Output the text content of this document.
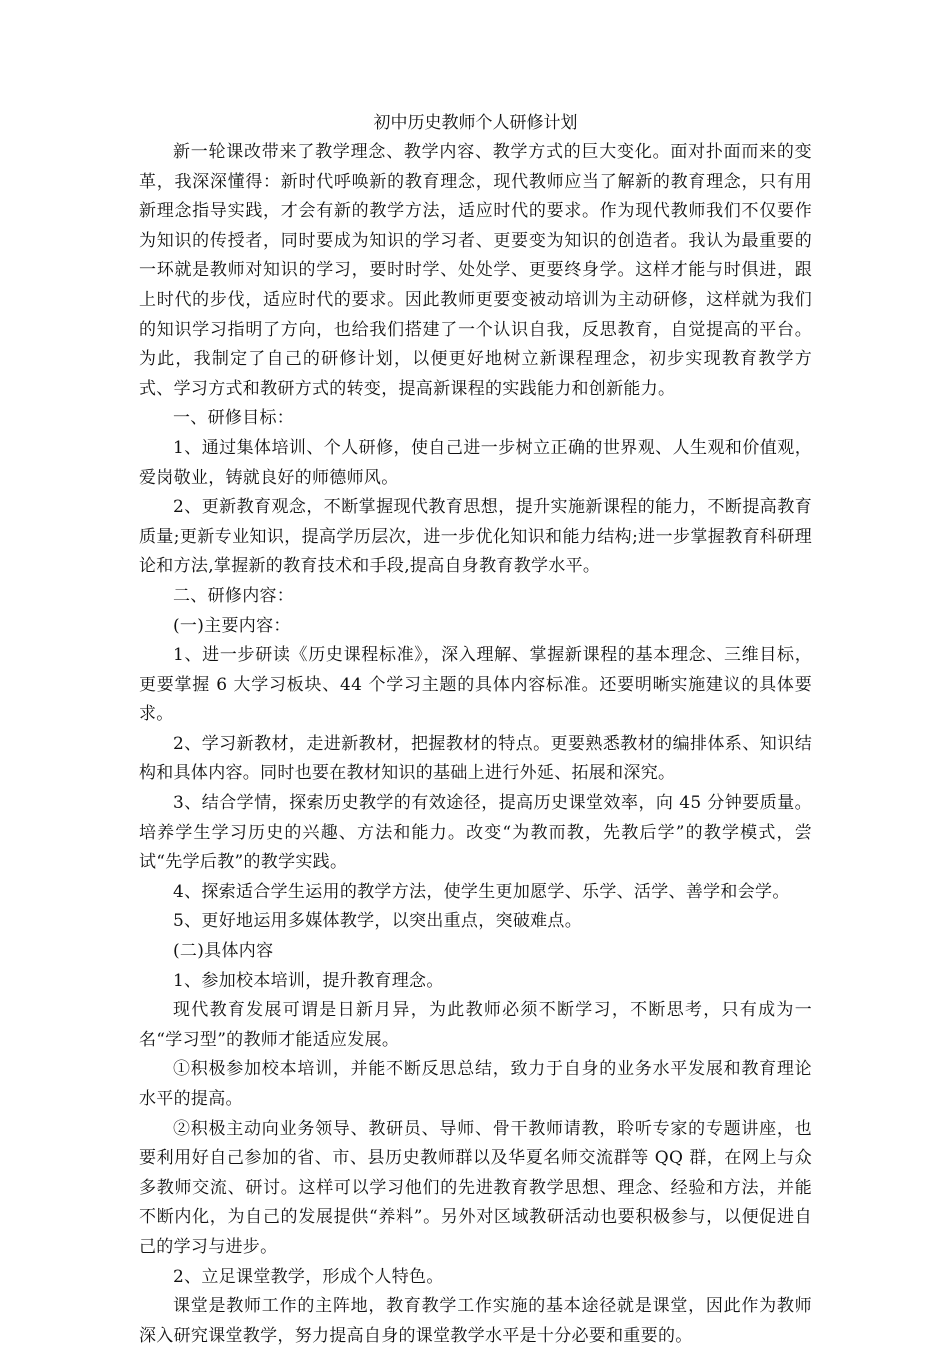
初中历史教师个人研修计划

新一轮课改带来了教学理念、教学内容、教学方式的巨大变化。面对扑面而来的变革，我深深懂得：新时代呼唤新的教育理念，现代教师应当了解新的教育理念，只有用新理念指导实践，才会有新的教学方法，适应时代的要求。作为现代教师我们不仅要作为知识的传授者，同时要成为知识的学习者、更要变为知识的创造者。我认为最重要的一环就是教师对知识的学习，要时时学、处处学、更要终身学。这样才能与时俱进，跟上时代的步伐，适应时代的要求。因此教师更要变被动培训为主动研修，这样就为我们的知识学习指明了方向，也给我们搭建了一个认识自我，反思教育，自觉提高的平台。为此，我制定了自己的研修计划，以便更好地树立新课程理念，初步实现教育教学方式、学习方式和教研方式的转变，提高新课程的实践能力和创新能力。

一、研修目标：

1、通过集体培训、个人研修，使自己进一步树立正确的世界观、人生观和价值观，爱岗敬业，铸就良好的师德师风。

2、更新教育观念，不断掌握现代教育思想，提升实施新课程的能力，不断提高教育质量;更新专业知识，提高学历层次，进一步优化知识和能力结构;进一步掌握教育科研理论和方法,掌握新的教育技术和手段,提高自身教育教学水平。

二、研修内容：

(一)主要内容：

1、进一步研读《历史课程标准》，深入理解、掌握新课程的基本理念、三维目标，更要掌握 6 大学习板块、44 个学习主题的具体内容标准。还要明晰实施建议的具体要求。

2、学习新教材，走进新教材，把握教材的特点。更要熟悉教材的编排体系、知识结构和具体内容。同时也要在教材知识的基础上进行外延、拓展和深究。

3、结合学情，探索历史教学的有效途径，提高历史课堂效率，向 45 分钟要质量。培养学生学习历史的兴趣、方法和能力。改变“为教而教，先教后学”的教学模式，尝试“先学后教”的教学实践。

4、探索适合学生运用的教学方法，使学生更加愿学、乐学、活学、善学和会学。

5、更好地运用多媒体教学，以突出重点，突破难点。

(二)具体内容

1、参加校本培训，提升教育理念。

现代教育发展可谓是日新月异，为此教师必须不断学习，不断思考，只有成为一名“学习型”的教师才能适应发展。

①积极参加校本培训，并能不断反思总结，致力于自身的业务水平发展和教育理论水平的提高。

②积极主动向业务领导、教研员、导师、骨干教师请教，聆听专家的专题讲座，也要利用好自己参加的省、市、县历史教师群以及华夏名师交流群等 QQ 群，在网上与众多教师交流、研讨。这样可以学习他们的先进教育教学思想、理念、经验和方法，并能不断内化，为自己的发展提供“养料”。另外对区域教研活动也要积极参与，以便促进自己的学习与进步。

2、立足课堂教学，形成个人特色。

课堂是教师工作的主阵地，教育教学工作实施的基本途径就是课堂，因此作为教师深入研究课堂教学，努力提高自身的课堂教学水平是十分必要和重要的。
